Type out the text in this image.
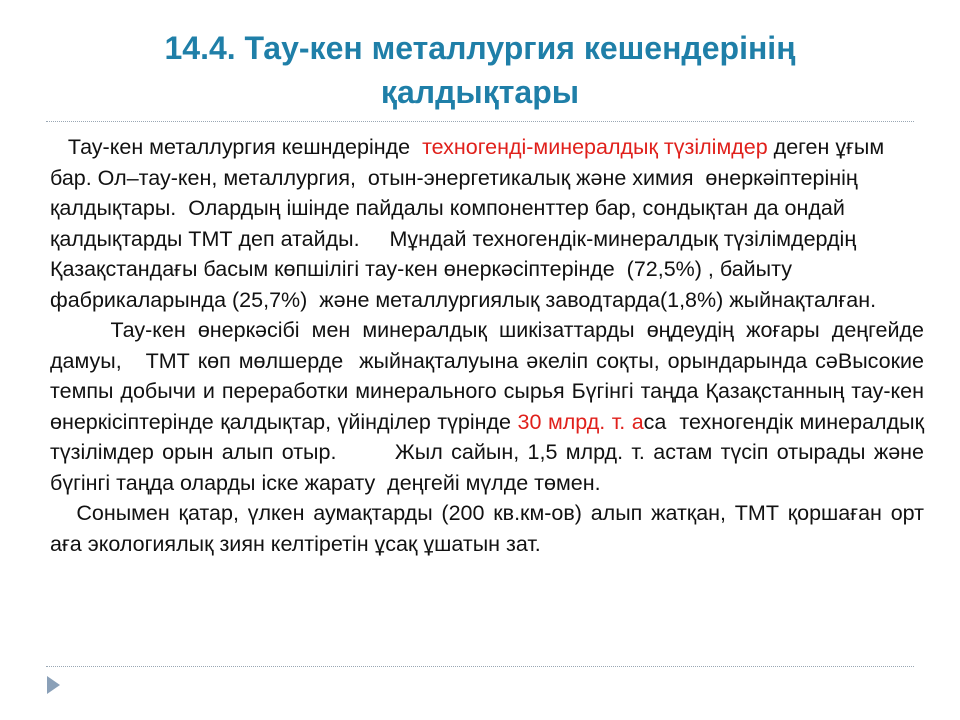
14.4. Тау-кен металлургия кешендерінің
қалдықтары

Тау-кен металлургия кешндерінде  техногенді-минералдық түзілімдер деген ұғым бар. Ол–тау-кен, металлургия,  отын-энергетикалық және химия  өнеркәіптерінің қалдықтары.  Олардың ішінде пайдалы компоненттер бар, сондықтан да ондай қалдықтарды ТМТ деп атайды.     Мұндай техногендік-минералдық түзілімдердің Қазақстандағы басым көпшілігі тау-кен өнеркәсіптерінде  (72,5%) , байыту фабрикаларында (25,7%)  және металлургиялық заводтарда(1,8%) жыйнақталған.

Тау-кен өнеркәсібі мен минералдық шикізаттарды өңдеудің жоғары деңгейде дамуы,   ТМТ көп мөлшерде  жыйнақталуына әкеліп соқты, орындарында сәВысокие темпы добычи и переработки минерального сырья Бүгінгі таңда Қазақстанның тау-кен өнеркісіптерінде қалдықтар, үйінділер түрінде 30 млрд. т. аса  техногендік минералдық түзілімдер орын алып отыр.       Жыл сайын, 1,5 млрд. т. астам түсіп отырады және бүгінгі таңда оларды іске жарату  деңгейі мүлде төмен.

Сонымен қатар, үлкен аумақтарды (200 кв.км-ов) алып жатқан, ТМТ қоршаған орт аға экологиялық зиян келтіретін ұсақ ұшатын зат.
